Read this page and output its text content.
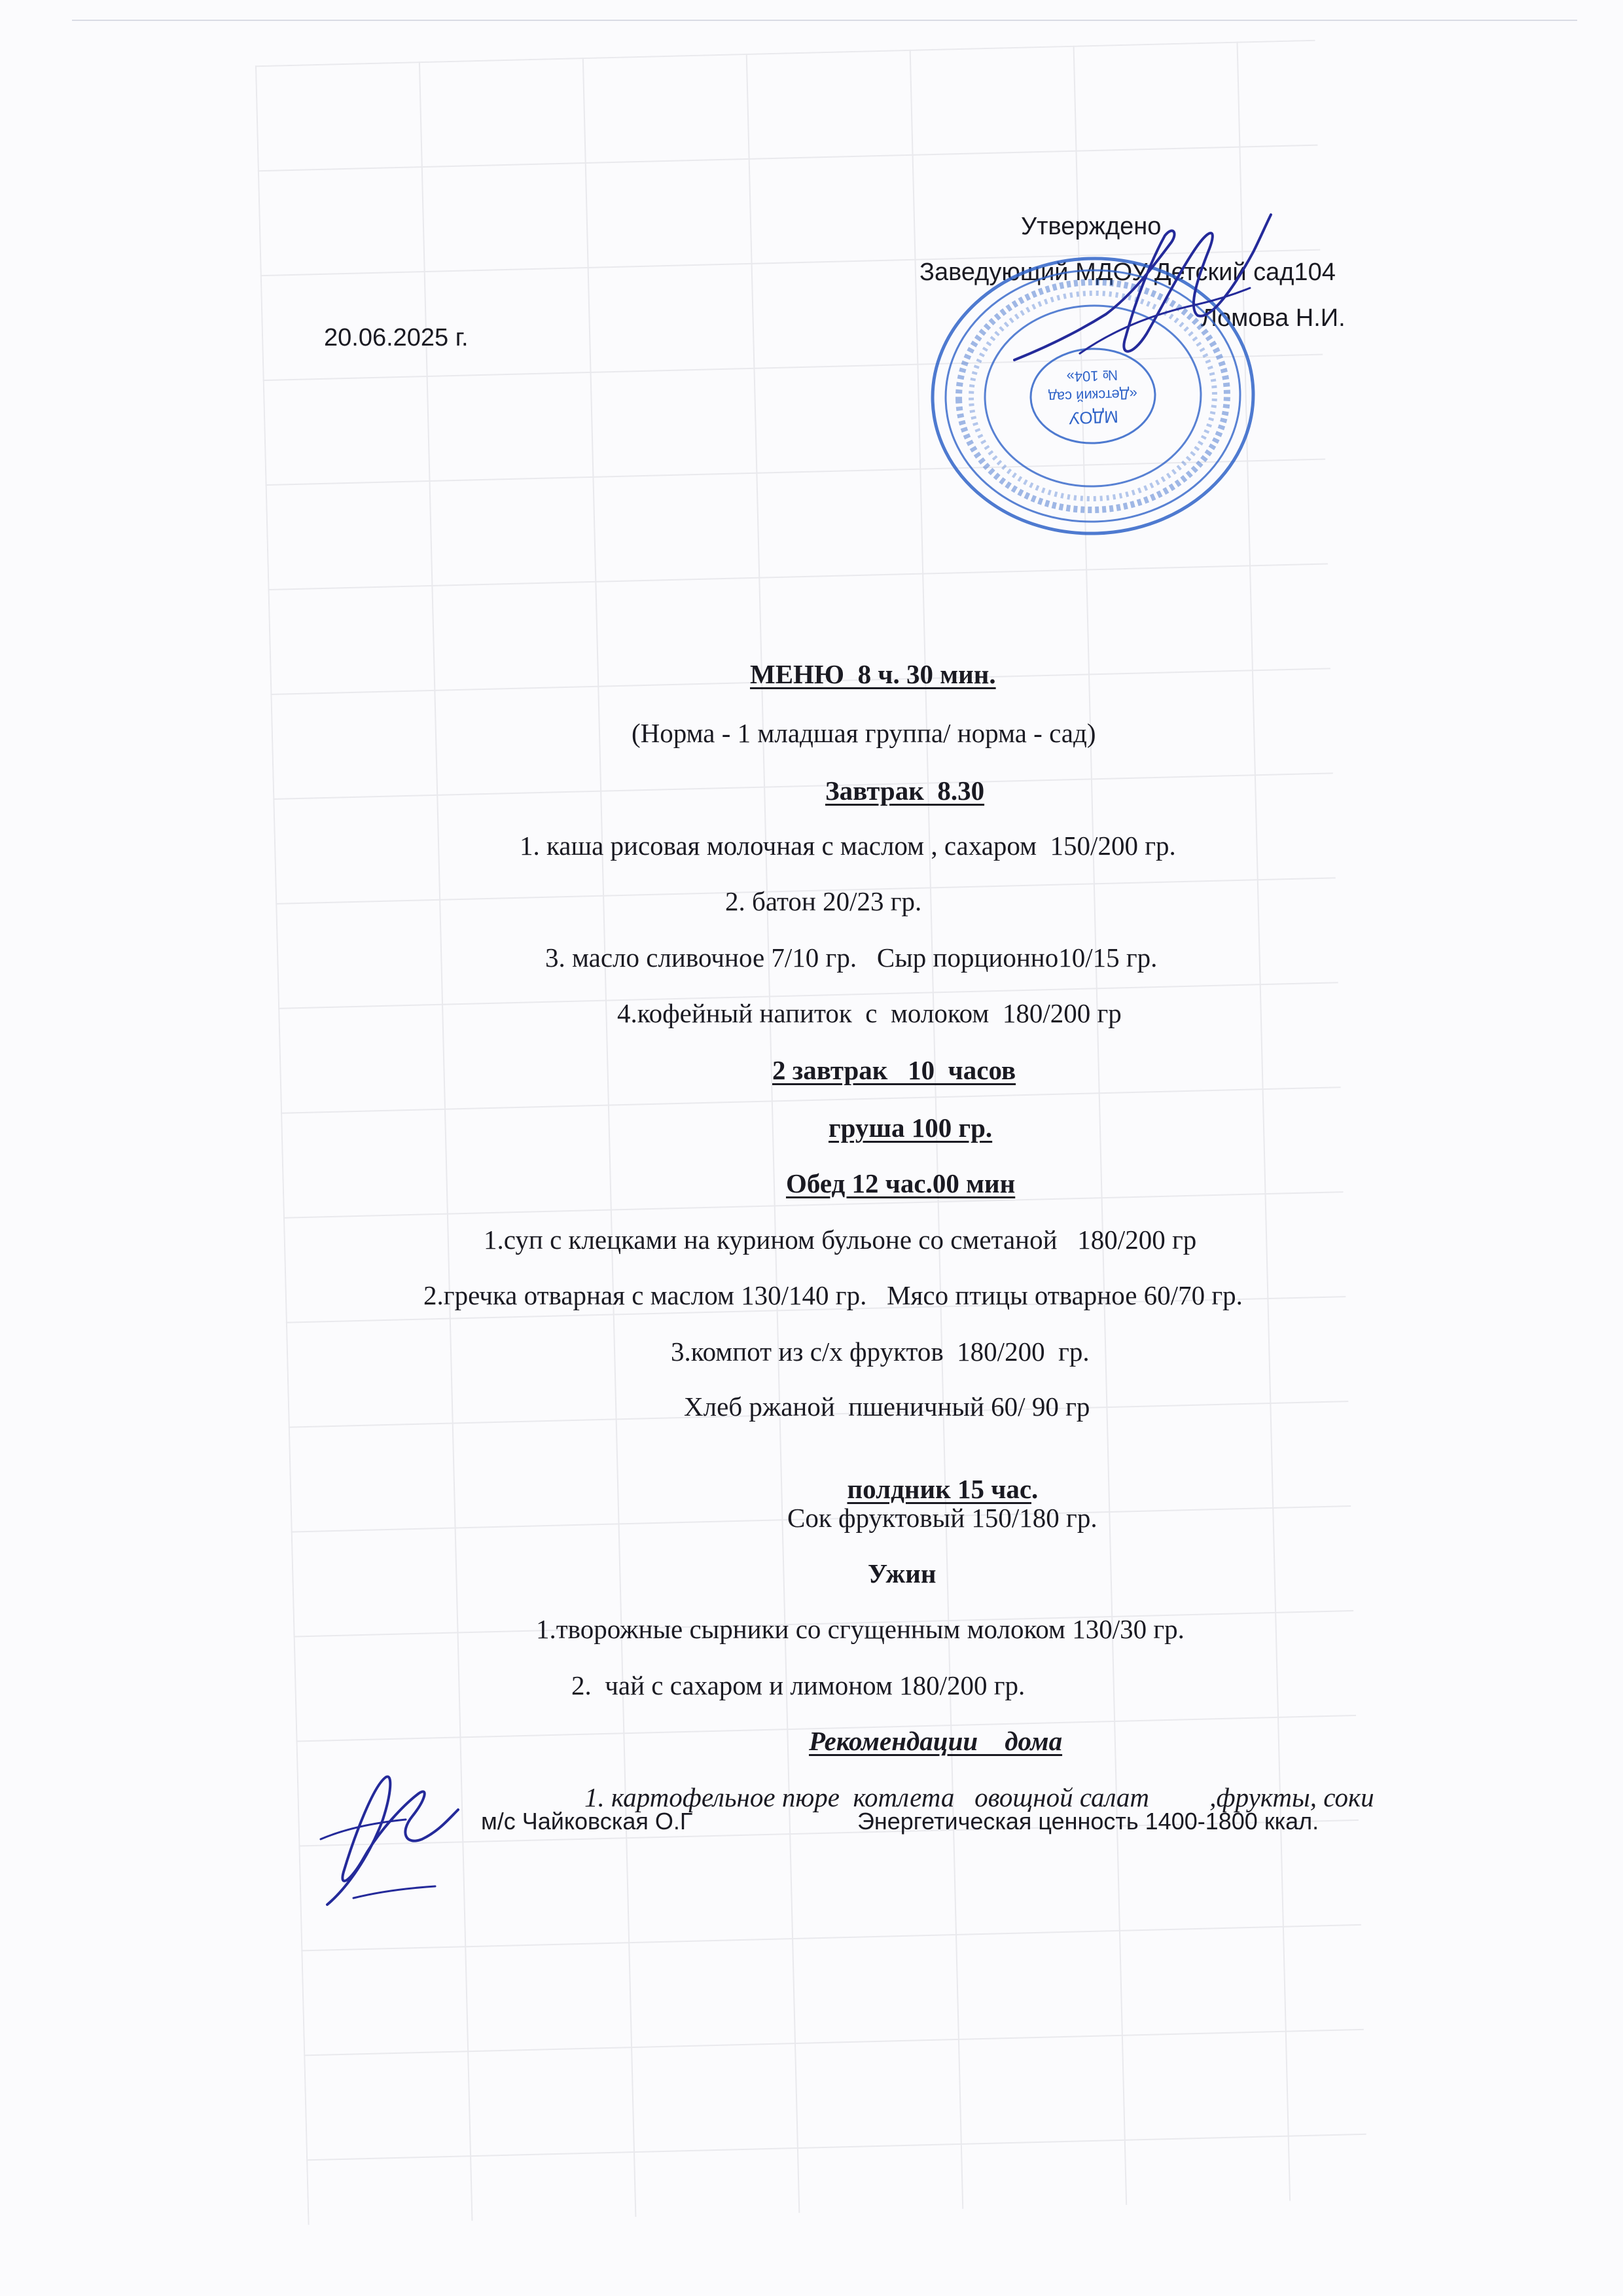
Утверждено
Заведующий МДОУ Детский сад104
Ломова Н.И.
20.06.2025 г.
МДОУ
«Детский сад
№ 104»
МЕНЮ  8 ч. 30 мин.
(Норма - 1 младшая группа/ норма - сад)
Завтрак  8.30
1. каша рисовая молочная с маслом , сахаром  150/200 гр.
2. батон 20/23 гр.
3. масло сливочное 7/10 гр.   Сыр порционно10/15 гр.
4.кофейный напиток  с  молоком  180/200 гр
2 завтрак   10  часов
груша 100 гр.
Обед 12 час.00 мин
1.суп с клецками на курином бульоне со сметаной   180/200 гр
2.гречка отварная с маслом 130/140 гр.   Мясо птицы отварное 60/70 гр.
3.компот из с/х фруктов  180/200  гр.
Хлеб ржаной  пшеничный 60/ 90 гр

полдник 15 час.

Сок фруктовый 150/180 гр.
Ужин
1.творожные сырники со сгущенным молоком 130/30 гр.
2.  чай с сахаром и лимоном 180/200 гр.
Рекомендации    дома
1. картофельное пюре  котлета   овощной салат         ,фрукты, соки
м/с Чайковская О.Г	Энергетическая ценность 1400-1800 ккал.
